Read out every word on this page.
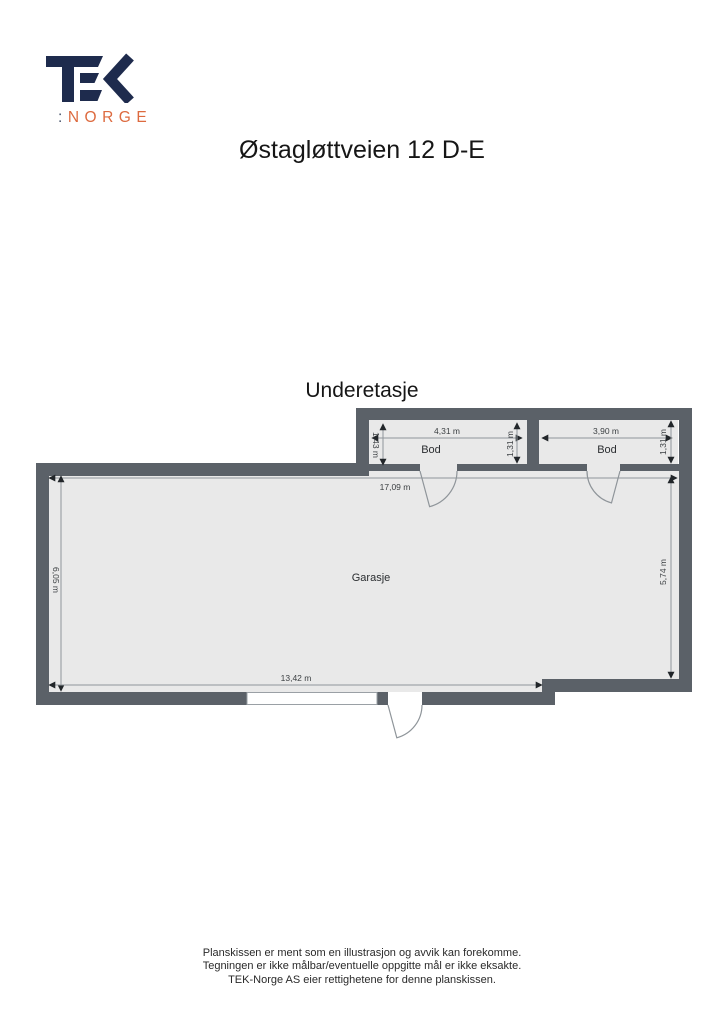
:NORGE
Østagløttveien 12 D-E
Underetasje
Garasje
Bod	Bod
17,09 m
13,42 m
4,31 m	3,90 m
6,05 m	5,74 m
1,43 m	1,31 m	1,31 m
Planskissen er ment som en illustrasjon og avvik kan forekomme.
Tegningen er ikke målbar/eventuelle oppgitte mål er ikke eksakte.
TEK-Norge AS eier rettighetene for denne planskissen.
